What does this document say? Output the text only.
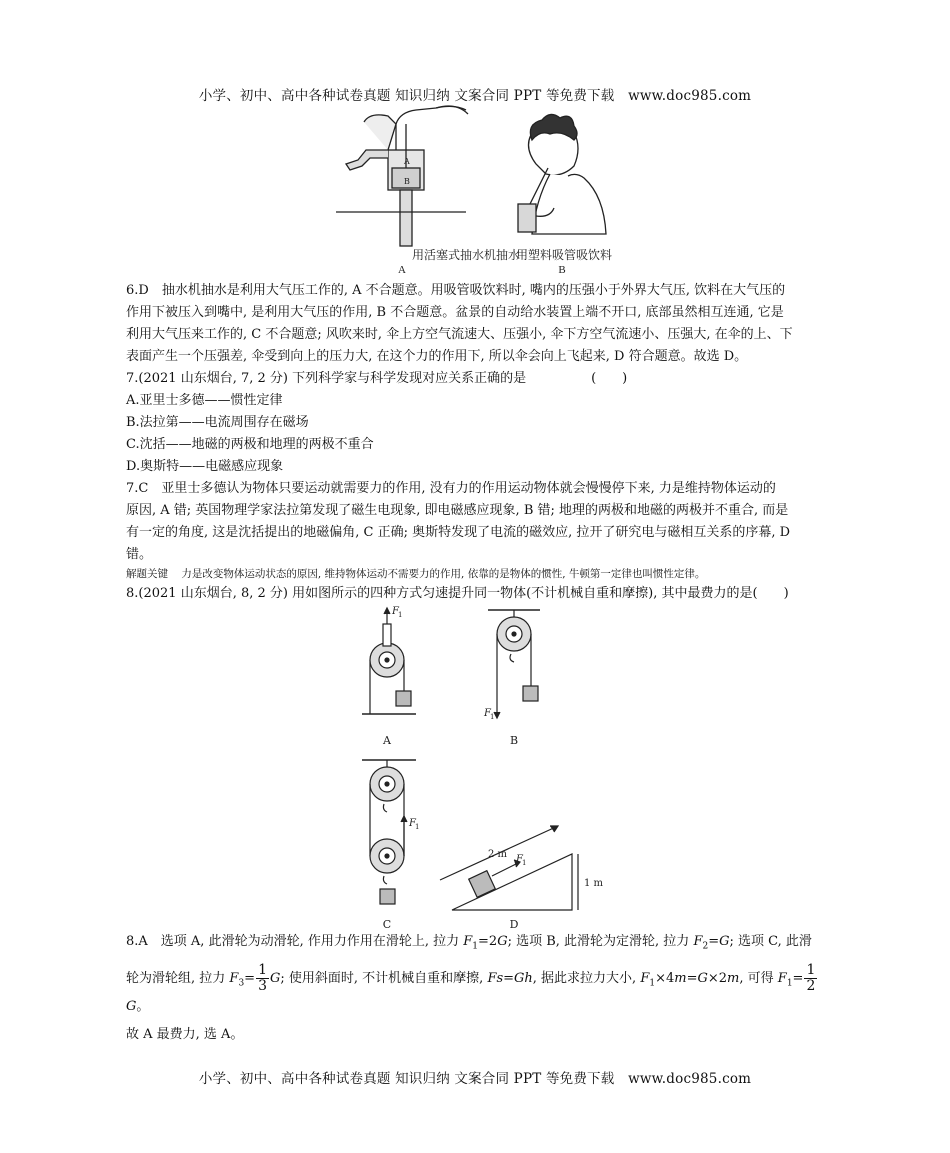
小学、初中、高中各种试卷真题 知识归纳 文案合同 PPT 等免费下载　www.doc985.com
A
B
用活塞式抽水机抽水
A
用塑料吸管吸饮料
B
6.D　抽水机抽水是利用大气压工作的, A 不合题意。用吸管吸饮料时, 嘴内的压强小于外界大气压, 饮料在大气压的
作用下被压入到嘴中, 是利用大气压的作用, B 不合题意。盆景的自动给水装置上端不开口, 底部虽然相互连通, 它是
利用大气压来工作的, C 不合题意; 风吹来时, 伞上方空气流速大、压强小, 伞下方空气流速小、压强大, 在伞的上、下
表面产生一个压强差, 伞受到向上的压力大, 在这个力的作用下, 所以伞会向上飞起来, D 符合题意。故选 D。
7.(2021 山东烟台, 7, 2 分) 下列科学家与科学发现对应关系正确的是　　　　　(　　)
A.亚里士多德——惯性定律
B.法拉第——电流周围存在磁场
C.沈括——地磁的两极和地理的两极不重合
D.奥斯特——电磁感应现象
7.C　亚里士多德认为物体只要运动就需要力的作用, 没有力的作用运动物体就会慢慢停下来, 力是维持物体运动的
原因, A 错; 英国物理学家法拉第发现了磁生电现象, 即电磁感应现象, B 错; 地理的两极和地磁的两极并不重合, 而是
有一定的角度, 这是沈括提出的地磁偏角, C 正确; 奥斯特发现了电流的磁效应, 拉开了研究电与磁相互关系的序幕, D
错。
解题关键 力是改变物体运动状态的原因, 维持物体运动不需要力的作用, 依靠的是物体的惯性, 牛顿第一定律也叫惯性定律。
8.(2021 山东烟台, 8, 2 分) 用如图所示的四种方式匀速提升同一物体(不计机械自重和摩擦), 其中最费力的是(　　)
F 1
A
F 1
B
F 1
C
2 m F 1
1 m
D
8.A　选项 A, 此滑轮为动滑轮, 作用力作用在滑轮上, 拉力 $F_1=2G$; 选项 B, 此滑轮为定滑轮, 拉力 $F_2=G$; 选项 C, 此滑
轮为滑轮组, 拉力 $F_3= \frac{1}{3} G$; 使用斜面时, 不计机械自重和摩擦, Fs=Gh, 据此求拉力大小, $F_1\times 4m=G\times 2m$, 可得 $F_1= \frac{1}{2}$
G。
故 A 最费力, 选 A。
小学、初中、高中各种试卷真题 知识归纳 文案合同 PPT 等免费下载　www.doc985.com
